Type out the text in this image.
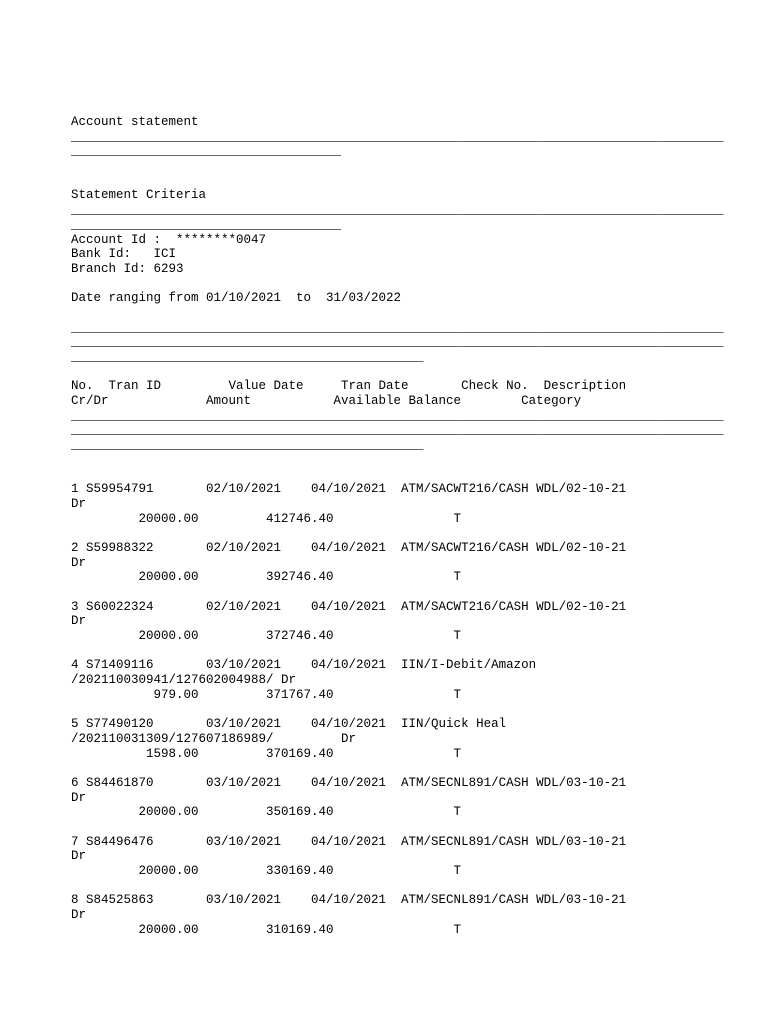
Account statement
_______________________________________________________________________________________
____________________________________
Statement Criteria
_______________________________________________________________________________________
____________________________________
Account Id :  ********0047
Bank Id:   ICI
Branch Id: 6293
Date ranging from 01/10/2021  to  31/03/2022
_______________________________________________________________________________________
_______________________________________________________________________________________
_______________________________________________
No.  Tran ID         Value Date     Tran Date       Check No.  Description
Cr/Dr             Amount           Available Balance        Category
_______________________________________________________________________________________
_______________________________________________________________________________________
_______________________________________________
1 S59954791       02/10/2021    04/10/2021  ATM/SACWT216/CASH WDL/02-10-21
Dr
20000.00         412746.40                T
2 S59988322       02/10/2021    04/10/2021  ATM/SACWT216/CASH WDL/02-10-21
Dr
20000.00         392746.40                T
3 S60022324       02/10/2021    04/10/2021  ATM/SACWT216/CASH WDL/02-10-21
Dr
20000.00         372746.40                T
4 S71409116       03/10/2021    04/10/2021  IIN/I-Debit/Amazon
/202110030941/127602004988/ Dr
979.00         371767.40                T
5 S77490120       03/10/2021    04/10/2021  IIN/Quick Heal
/202110031309/127607186989/         Dr
1598.00         370169.40                T
6 S84461870       03/10/2021    04/10/2021  ATM/SECNL891/CASH WDL/03-10-21
Dr
20000.00         350169.40                T
7 S84496476       03/10/2021    04/10/2021  ATM/SECNL891/CASH WDL/03-10-21
Dr
20000.00         330169.40                T
8 S84525863       03/10/2021    04/10/2021  ATM/SECNL891/CASH WDL/03-10-21
Dr
20000.00         310169.40                T
